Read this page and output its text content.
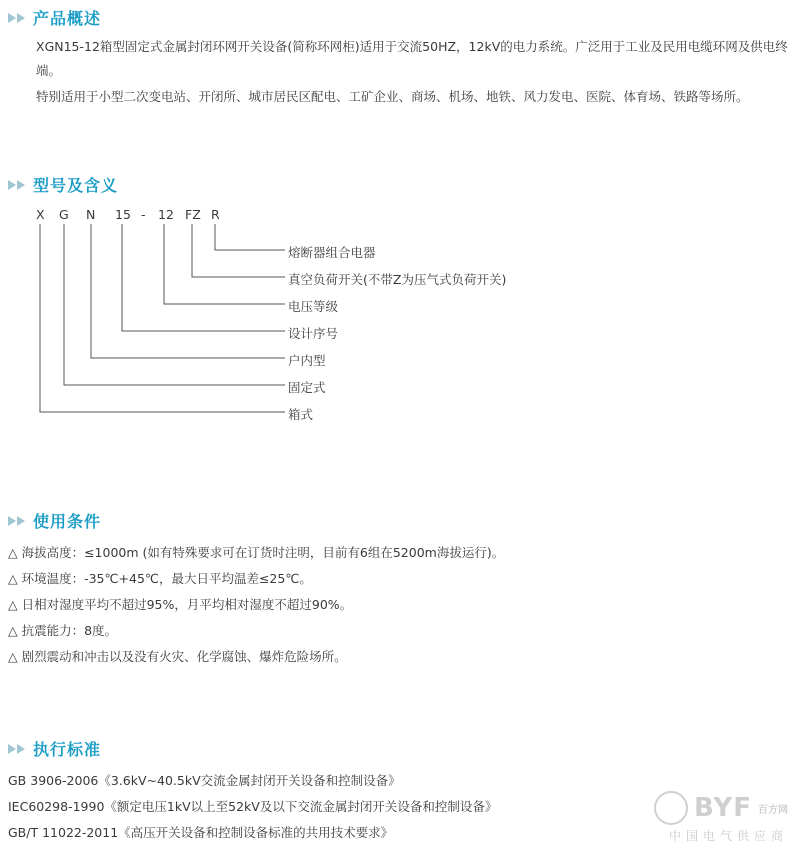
产品概述
XGN15-12箱型固定式金属封闭环网开关设备(简称环网柜)适用于交流50HZ，12kV的电力系统。广泛用于工业及民用电缆环网及供电终端。
特别适用于小型二次变电站、开闭所、城市居民区配电、工矿企业、商场、机场、地铁、风力发电、医院、体育场、铁路等场所。
型号及含义
X G N 15 - 12 FZ R
熔断器组合电器
真空负荷开关(不带Z为压气式负荷开关)
电压等级
设计序号
户内型
固定式
箱式
使用条件
△ 海拔高度：≤1000m (如有特殊要求可在订货时注明，目前有6组在5200m海拔运行)。
△ 环境温度：-35℃+45℃，最大日平均温差≤25℃。
△ 日相对湿度平均不超过95%，月平均相对湿度不超过90%。
△ 抗震能力：8度。
△ 剧烈震动和冲击以及没有火灾、化学腐蚀、爆炸危险场所。
执行标准
GB 3906-2006《3.6kV~40.5kV交流金属封闭开关设备和控制设备》
IEC60298-1990《额定电压1kV以上至52kV及以下交流金属封闭开关设备和控制设备》
GB/T 11022-2011《高压开关设备和控制设备标准的共用技术要求》
BYF 百方网
中国电气供应商
